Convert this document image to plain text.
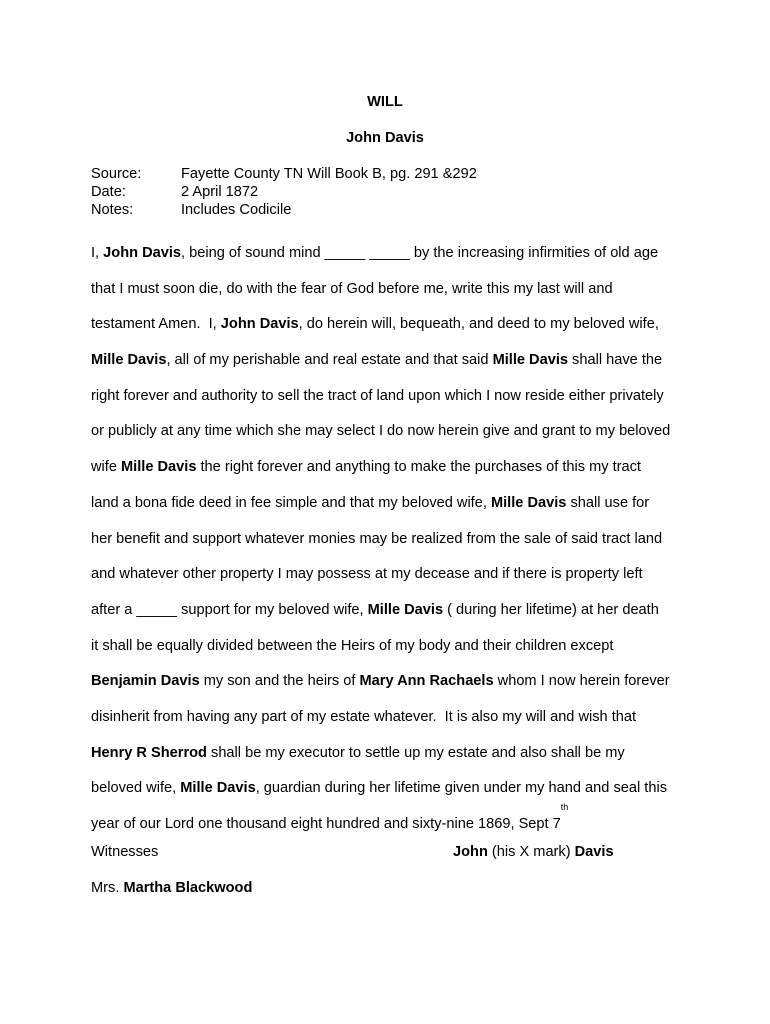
WILL
John Davis
Source:	Fayette County TN Will Book B, pg. 291 &292
Date:	2 April 1872
Notes:	Includes Codicile
I, John Davis , being of sound mind _____ _____ by the increasing infirmities of old age
that I must soon die, do with the fear of God before me, write this my last will and
testament Amen.  I, John Davis , do herein will, bequeath, and deed to my beloved wife,
Mille Davis , all of my perishable and real estate and that said Mille Davis shall have the
right forever and authority to sell the tract of land upon which I now reside either privately
or publicly at any time which she may select I do now herein give and grant to my beloved
wife Mille Davis the right forever and anything to make the purchases of this my tract
land a bona fide deed in fee simple and that my beloved wife, Mille Davis shall use for
her benefit and support whatever monies may be realized from the sale of said tract land
and whatever other property I may possess at my decease and if there is property left
after a _____ support for my beloved wife, Mille Davis ( during her lifetime) at her death
it shall be equally divided between the Heirs of my body and their children except
Benjamin Davis my son and the heirs of Mary Ann Rachaels whom I now herein forever
disinherit from having any part of my estate whatever.  It is also my will and wish that
Henry R Sherrod shall be my executor to settle up my estate and also shall be my
beloved wife, Mille Davis , guardian during her lifetime given under my hand and seal this
year of our Lord one thousand eight hundred and sixty-nine 1869, Sept 7
th
Witnesses	John (his X mark) Davis
Mrs. Martha Blackwood
